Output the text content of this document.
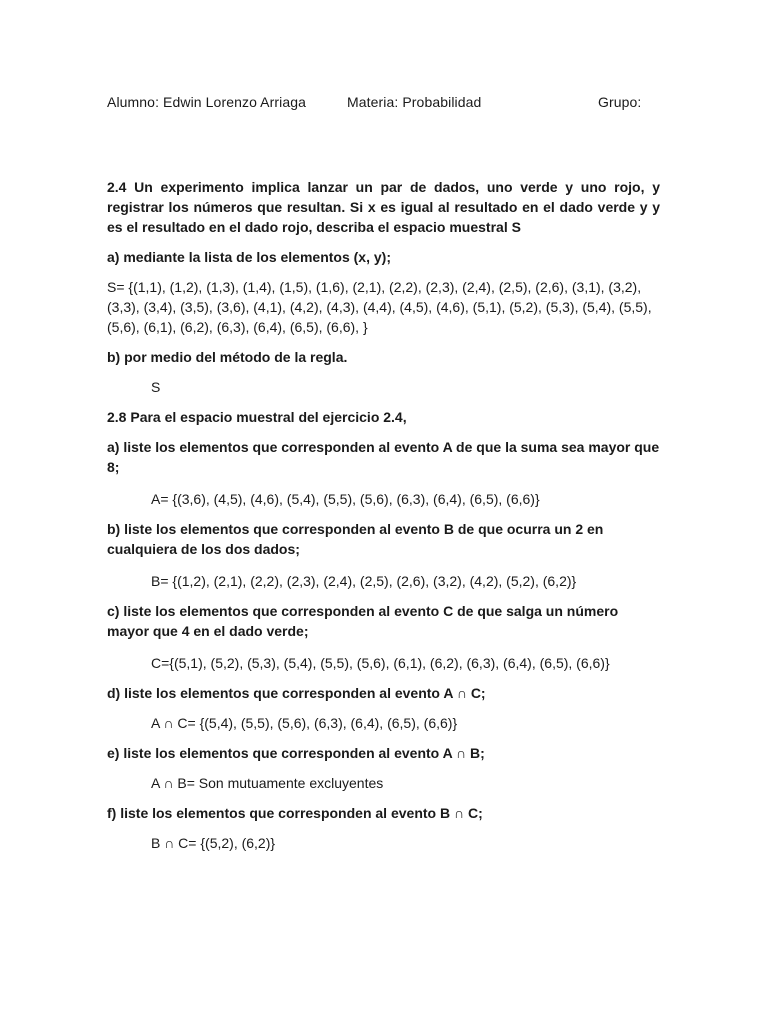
Alumno: Edwin Lorenzo Arriaga	Materia: Probabilidad	Grupo:

2.4 Un experimento implica lanzar un par de dados, uno verde y uno rojo, y registrar los números que resultan. Si x es igual al resultado en el dado verde y y es el resultado en el dado rojo, describa el espacio muestral S

a) mediante la lista de los elementos (x, y);

S= {(1,1), (1,2), (1,3), (1,4), (1,5), (1,6), (2,1), (2,2), (2,3), (2,4), (2,5), (2,6), (3,1), (3,2), (3,3), (3,4), (3,5), (3,6), (4,1), (4,2), (4,3), (4,4), (4,5), (4,6), (5,1), (5,2), (5,3), (5,4), (5,5), (5,6), (6,1), (6,2), (6,3), (6,4), (6,5), (6,6), }

b) por medio del método de la regla.

S

2.8 Para el espacio muestral del ejercicio 2.4,

a) liste los elementos que corresponden al evento A de que la suma sea mayor que 8;

A= {(3,6), (4,5), (4,6), (5,4), (5,5), (5,6), (6,3), (6,4), (6,5), (6,6)}

b) liste los elementos que corresponden al evento B de que ocurra un 2 en cualquiera de los dos dados;

B= {(1,2), (2,1), (2,2), (2,3), (2,4), (2,5), (2,6), (3,2), (4,2), (5,2), (6,2)}

c) liste los elementos que corresponden al evento C de que salga un número mayor que 4 en el dado verde;

C={(5,1), (5,2), (5,3), (5,4), (5,5), (5,6), (6,1), (6,2), (6,3), (6,4), (6,5), (6,6)}

d) liste los elementos que corresponden al evento A ∩ C;

A ∩ C= {(5,4), (5,5), (5,6), (6,3), (6,4), (6,5), (6,6)}

e) liste los elementos que corresponden al evento A ∩ B;

A ∩ B= Son mutuamente excluyentes

f) liste los elementos que corresponden al evento B ∩ C;

B ∩ C= {(5,2), (6,2)}
